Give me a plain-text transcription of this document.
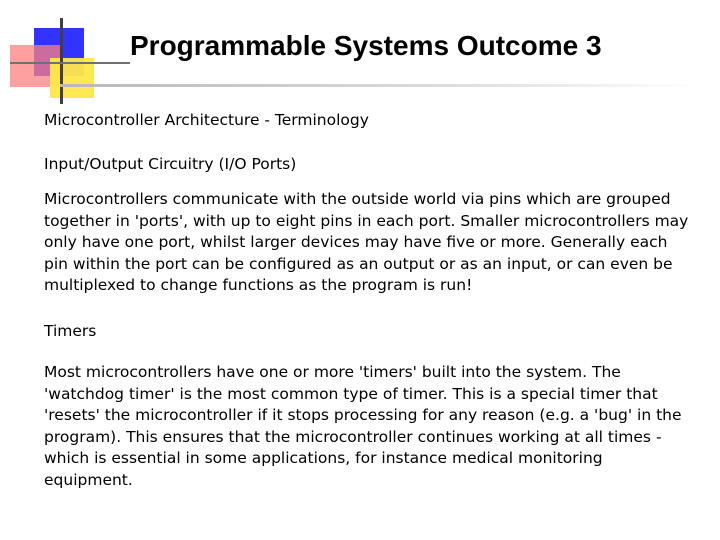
Programmable Systems Outcome 3

Microcontroller Architecture - Terminology

Input/Output Circuitry (I/O Ports)

Microcontrollers communicate with the outside world via pins which are grouped together in 'ports', with up to eight pins in each port. Smaller microcontrollers may only have one port, whilst larger devices may have five or more. Generally each pin within the port can be configured as an output or as an input, or can even be multiplexed to change functions as the program is run!

Timers

Most microcontrollers have one or more 'timers' built into the system. The 'watchdog timer' is the most common type of timer. This is a special timer that 'resets' the microcontroller if it stops processing for any reason (e.g. a 'bug' in the program). This ensures that the microcontroller continues working at all times - which is essential in some applications, for instance medical monitoring equipment.
